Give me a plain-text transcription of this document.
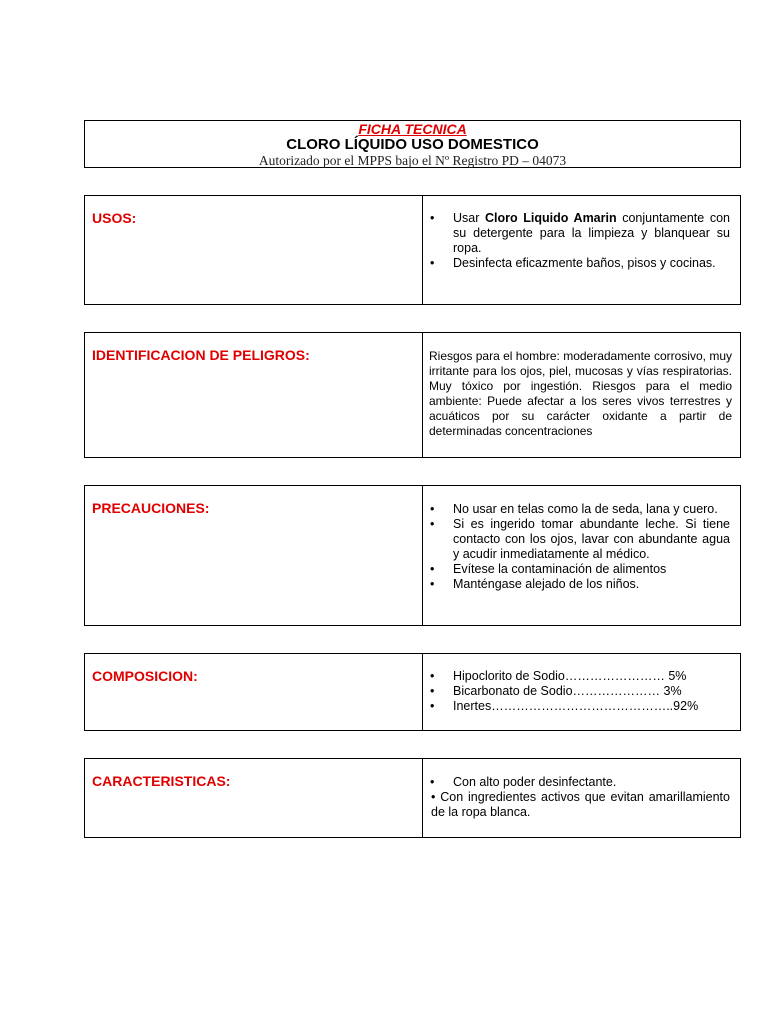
FICHA TECNICA
CLORO LÍQUIDO USO DOMESTICO
Autorizado por el MPPS bajo el Nº Registro PD – 04073
USOS:	• Usar Cloro Liquido Amarin conjuntamente con su detergente para la limpieza y blanquear su ropa.
• Desinfecta eficazmente baños, pisos y cocinas.
IDENTIFICACION DE PELIGROS:	Riesgos para el hombre: moderadamente corrosivo, muy irritante para los ojos, piel, mucosas y vías respiratorias. Muy tóxico por ingestión. Riesgos para el medio ambiente: Puede afectar a los seres vivos terrestres y acuáticos por su carácter oxidante a partir de determinadas concentraciones
PRECAUCIONES:	• No usar en telas como la de seda, lana y cuero.
• Si es ingerido tomar abundante leche. Si tiene contacto con los ojos, lavar con abundante agua y acudir inmediatamente al médico.
• Evítese la contaminación de alimentos
• Manténgase alejado de los niños.
COMPOSICION:	• Hipoclorito de Sodio…………………… 5%
• Bicarbonato de Sodio………………… 3%
• Inertes……………………………………..92%
CARACTERISTICAS:	• Con alto poder desinfectante.
• Con ingredientes activos que evitan amarillamiento de la ropa blanca.
